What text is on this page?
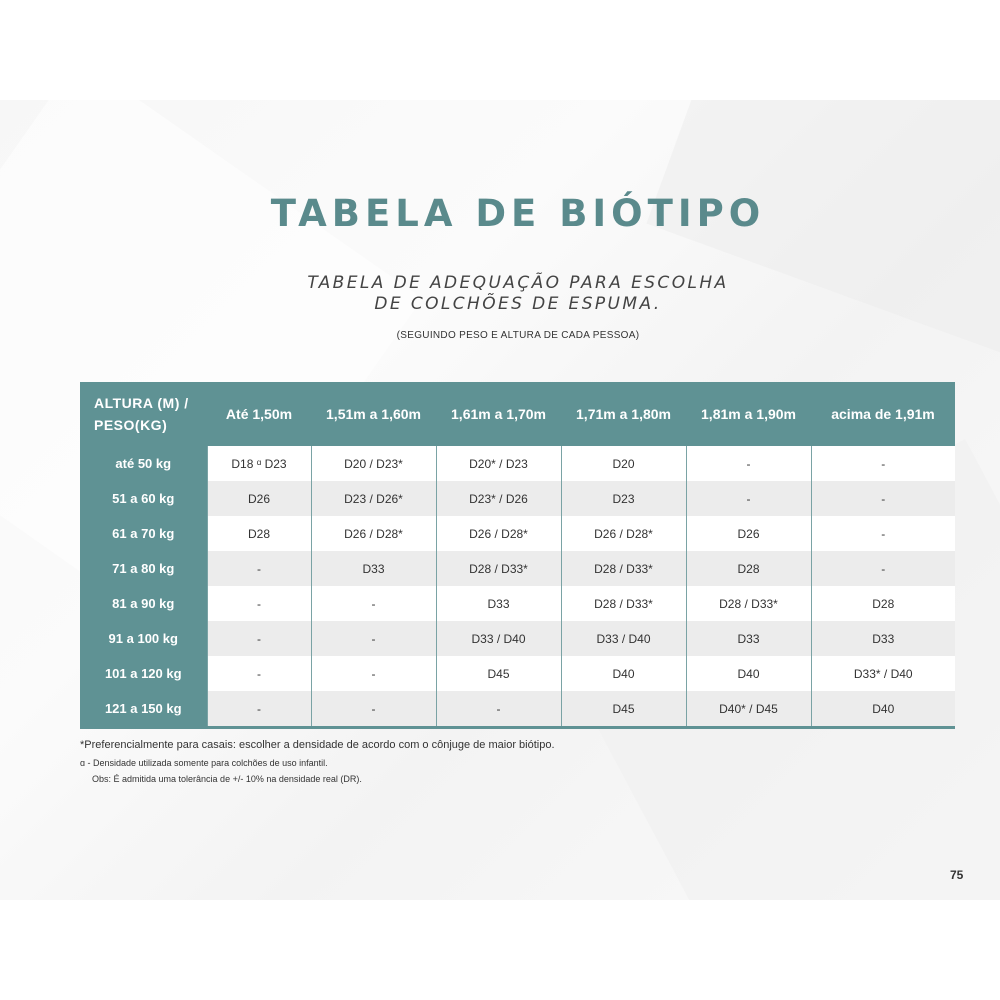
TABELA DE BIÓTIPO
TABELA DE ADEQUAÇÃO PARA ESCOLHA
DE COLCHÕES DE ESPUMA.
(SEGUINDO PESO E ALTURA DE CADA PESSOA)
ALTURA (M) /
PESO(KG)	Até 1,50m	1,51m a 1,60m	1,61m a 1,70m	1,71m a 1,80m	1,81m a 1,90m	acima de 1,91m
até 50 kg	D18 ᵅ D23	D20 / D23*	D20* / D23	D20	-	-
51 a 60 kg	D26	D23 / D26*	D23* / D26	D23	-	-
61 a 70 kg	D28	D26 / D28*	D26 / D28*	D26 / D28*	D26	-
71 a 80 kg	-	D33	D28 / D33*	D28 / D33*	D28	-
81 a 90 kg	-	-	D33	D28 / D33*	D28 / D33*	D28
91 a 100 kg	-	-	D33 / D40	D33 / D40	D33	D33
101 a 120 kg	-	-	D45	D40	D40	D33* / D40
121 a 150 kg	-	-	-	D45	D40* / D45	D40
*Preferencialmente para casais: escolher a densidade de acordo com o cônjuge de maior biótipo.
ɑ - Densidade utilizada somente para colchões de uso infantil.
Obs: É admitida uma tolerância de +/- 10% na densidade real (DR).
75
